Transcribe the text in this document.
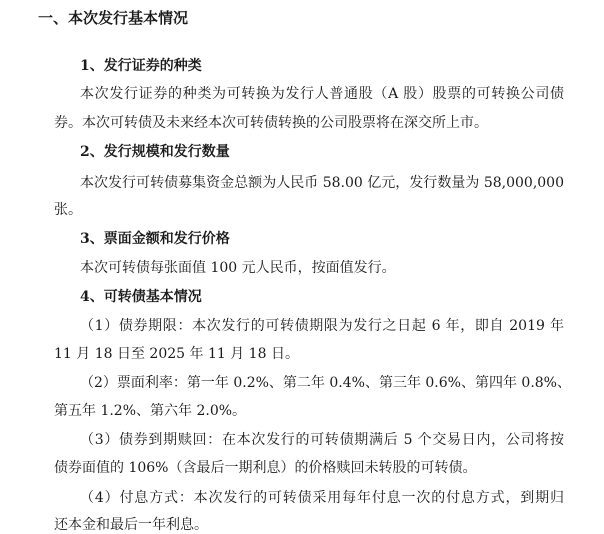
一、本次发行基本情况
1、发行证券的种类
本次发行证券的种类为可转换为发行人普通股（A 股）股票的可转换公司债
券。本次可转债及未来经本次可转债转换的公司股票将在深交所上市。
2、发行规模和发行数量
本次发行可转债募集资金总额为人民币 58.00 亿元，发行数量为 58,000,000
张。
3、票面金额和发行价格
本次可转债每张面值 100 元人民币，按面值发行。
4、可转债基本情况
（1）债券期限：本次发行的可转债期限为发行之日起 6 年，即自 2019 年
11 月 18 日至 2025 年 11 月 18 日。
（2）票面利率：第一年 0.2%、第二年 0.4%、第三年 0.6%、第四年 0.8%、
第五年 1.2%、第六年 2.0%。
（3）债券到期赎回：在本次发行的可转债期满后 5 个交易日内，公司将按
债券面值的 106%（含最后一期利息）的价格赎回未转股的可转债。
（4）付息方式：本次发行的可转债采用每年付息一次的付息方式，到期归
还本金和最后一年利息。
